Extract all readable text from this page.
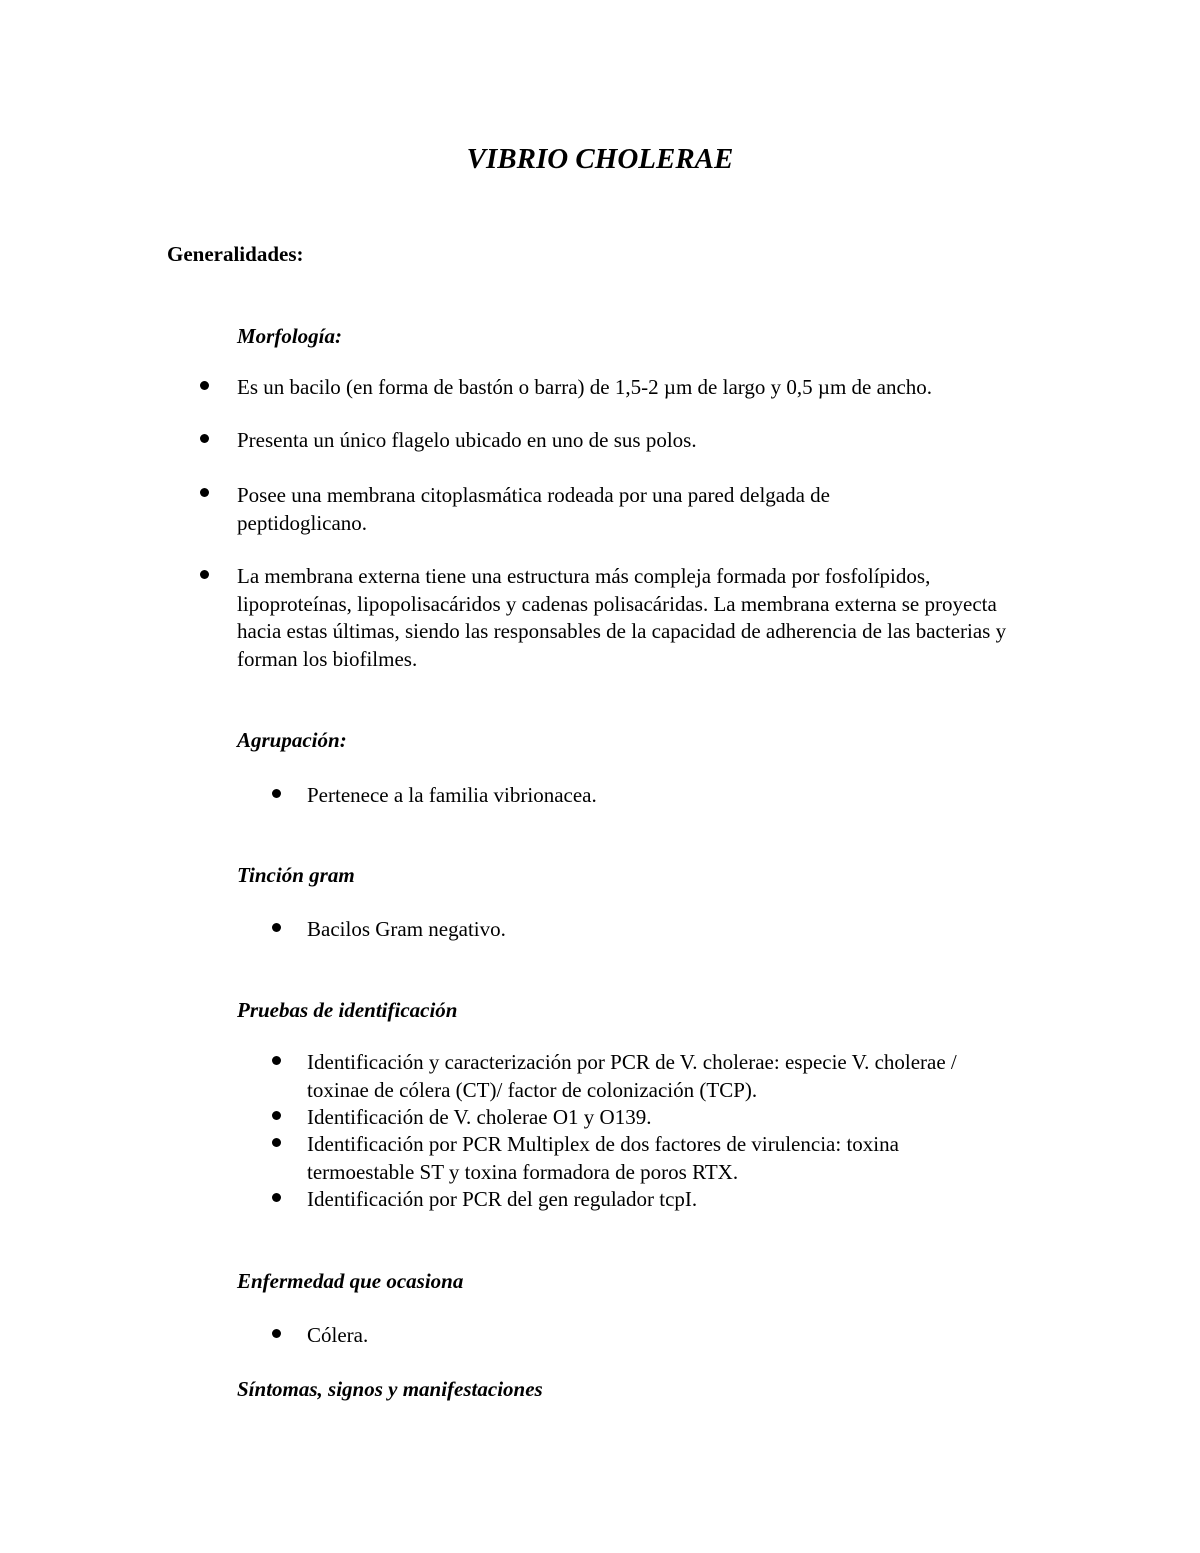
VIBRIO CHOLERAE
Generalidades:
Morfología:
Es un bacilo (en forma de bastón o barra) de 1,5-2 µm de largo y 0,5 µm de ancho.
Presenta un único flagelo ubicado en uno de sus polos.
Posee una membrana citoplasmática rodeada por una pared delgada de peptidoglicano.
La membrana externa tiene una estructura más compleja formada por fosfolípidos, lipoproteínas, lipopolisacáridos y cadenas polisacáridas. La membrana externa se proyecta hacia estas últimas, siendo las responsables de la capacidad de adherencia de las bacterias y forman los biofilmes.
Agrupación:
Pertenece a la familia vibrionacea.
Tinción gram
Bacilos Gram negativo.
Pruebas de identificación
Identificación y caracterización por PCR de V. cholerae: especie V. cholerae / toxinae de cólera (CT)/ factor de colonización (TCP).
Identificación de V. cholerae O1 y O139.
Identificación por PCR Multiplex de dos factores de virulencia: toxina termoestable ST y toxina formadora de poros RTX.
Identificación por PCR del gen regulador tcpI.
Enfermedad que ocasiona
Cólera.
Síntomas, signos y manifestaciones
